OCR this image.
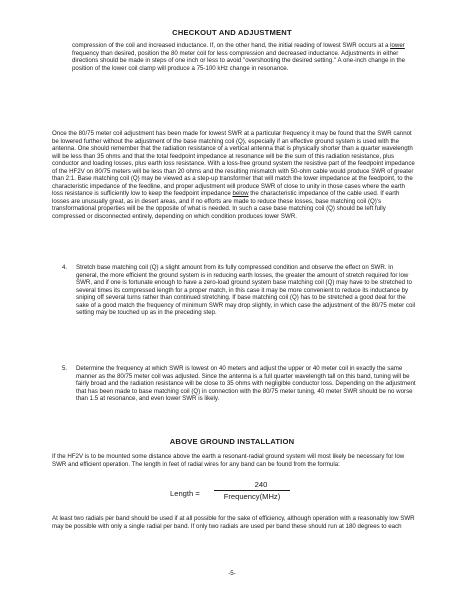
CHECKOUT AND ADJUSTMENT

compression of the coil and increased inductance. If, on the other hand, the initial reading of lowest SWR occurs at a lower frequency than desired, position the 80 meter coil for less compression and decreased inductance. Adjustments in either directions should be made in steps of one inch or less to avoid "overshooting the desired setting." A one-inch change in the position of the lower coil clamp will produce a 75-100 kHz change in resonance.

Once the 80/75 meter coil adjustment has been made for lowest SWR at a particular frequency it may be found that the SWR cannot be lowered further without the adjustment of the base matching coil (Q), especially if an effective ground system is used with the antenna. One should remember that the radiation resistance of a vertical antenna that is physically shorter than a quarter wavelength will be less than 35 ohms and that the total feedpoint impedance at resonance will be the sum of this radiation resistance, plus conductor and loading losses, plus earth loss resistance. With a loss-free ground system the resistive part of the feedpoint impedance of the HF2V on 80/75 meters will be less than 20 ohms and the resulting mismatch with 50-ohm cable would produce SWR of greater than 2:1. Base matching coil (Q) may be viewed as a step-up transformer that will match the lower impedance at the feedpoint, to the characteristic impedance of the feedline, and proper adjustment will produce SWR of close to unity in those cases where the earth loss resistance is sufficiently low to keep the feedpoint impedance below the characteristic impedance of the cable used. If earth losses are unusually great, as in desert areas, and if no efforts are made to reduce these losses, base matching coil (Q)'s transformational properties will be the opposite of what is needed. In such a case base matching coil (Q) should be left fully compressed or disconnected entirely, depending on which condition produces lower SWR.

4. Stretch base matching coil (Q) a slight amount from its fully compressed condition and observe the effect on SWR. In general, the more efficient the ground system is in reducing earth losses, the greater the amount of stretch required for low SWR, and if one is fortunate enough to have a zero-load ground system base matching coil (Q) may have to be stretched to several times its compressed length for a proper match, in this case it may be more convenient to reduce its inductance by sniping off several turns rather than continued stretching. If base matching coil (Q) has to be stretched a good deal for the sake of a good match the frequency of minimum SWR may drop slightly, in which case the adjustment of the 80/75 meter coil setting may be touched up as in the preceding step.

5. Determine the frequency at which SWR is lowest on 40 meters and adjust the upper or 40 meter coil in exactly the same manner as the 80/75 meter coil was adjusted. Since the antenna is a full quarter wavelength tall on this band, tuning will be fairly broad and the radiation resistance will be close to 35 ohms with negligible conductor loss. Depending on the adjustment that has been made to base matching coil (Q) in connection with the 80/75 meter tuning, 40 meter SWR should be no worse than 1.5 at resonance, and even lower SWR is likely.

ABOVE GROUND INSTALLATION

If the HF2V is to be mounted some distance above the earth a resonant-radial ground system will most likely be necessary for low SWR and efficient operation. The length in feet of radial wires for any band can be found from the formula:

Length =
240
Frequency(MHz)

At least two radials per band should be used if at all possible for the sake of efficiency, although operation with a reasonably low SWR may be possible with only a single radial per band. If only two radials are used per band these should run at 180 degrees to each

-5-
